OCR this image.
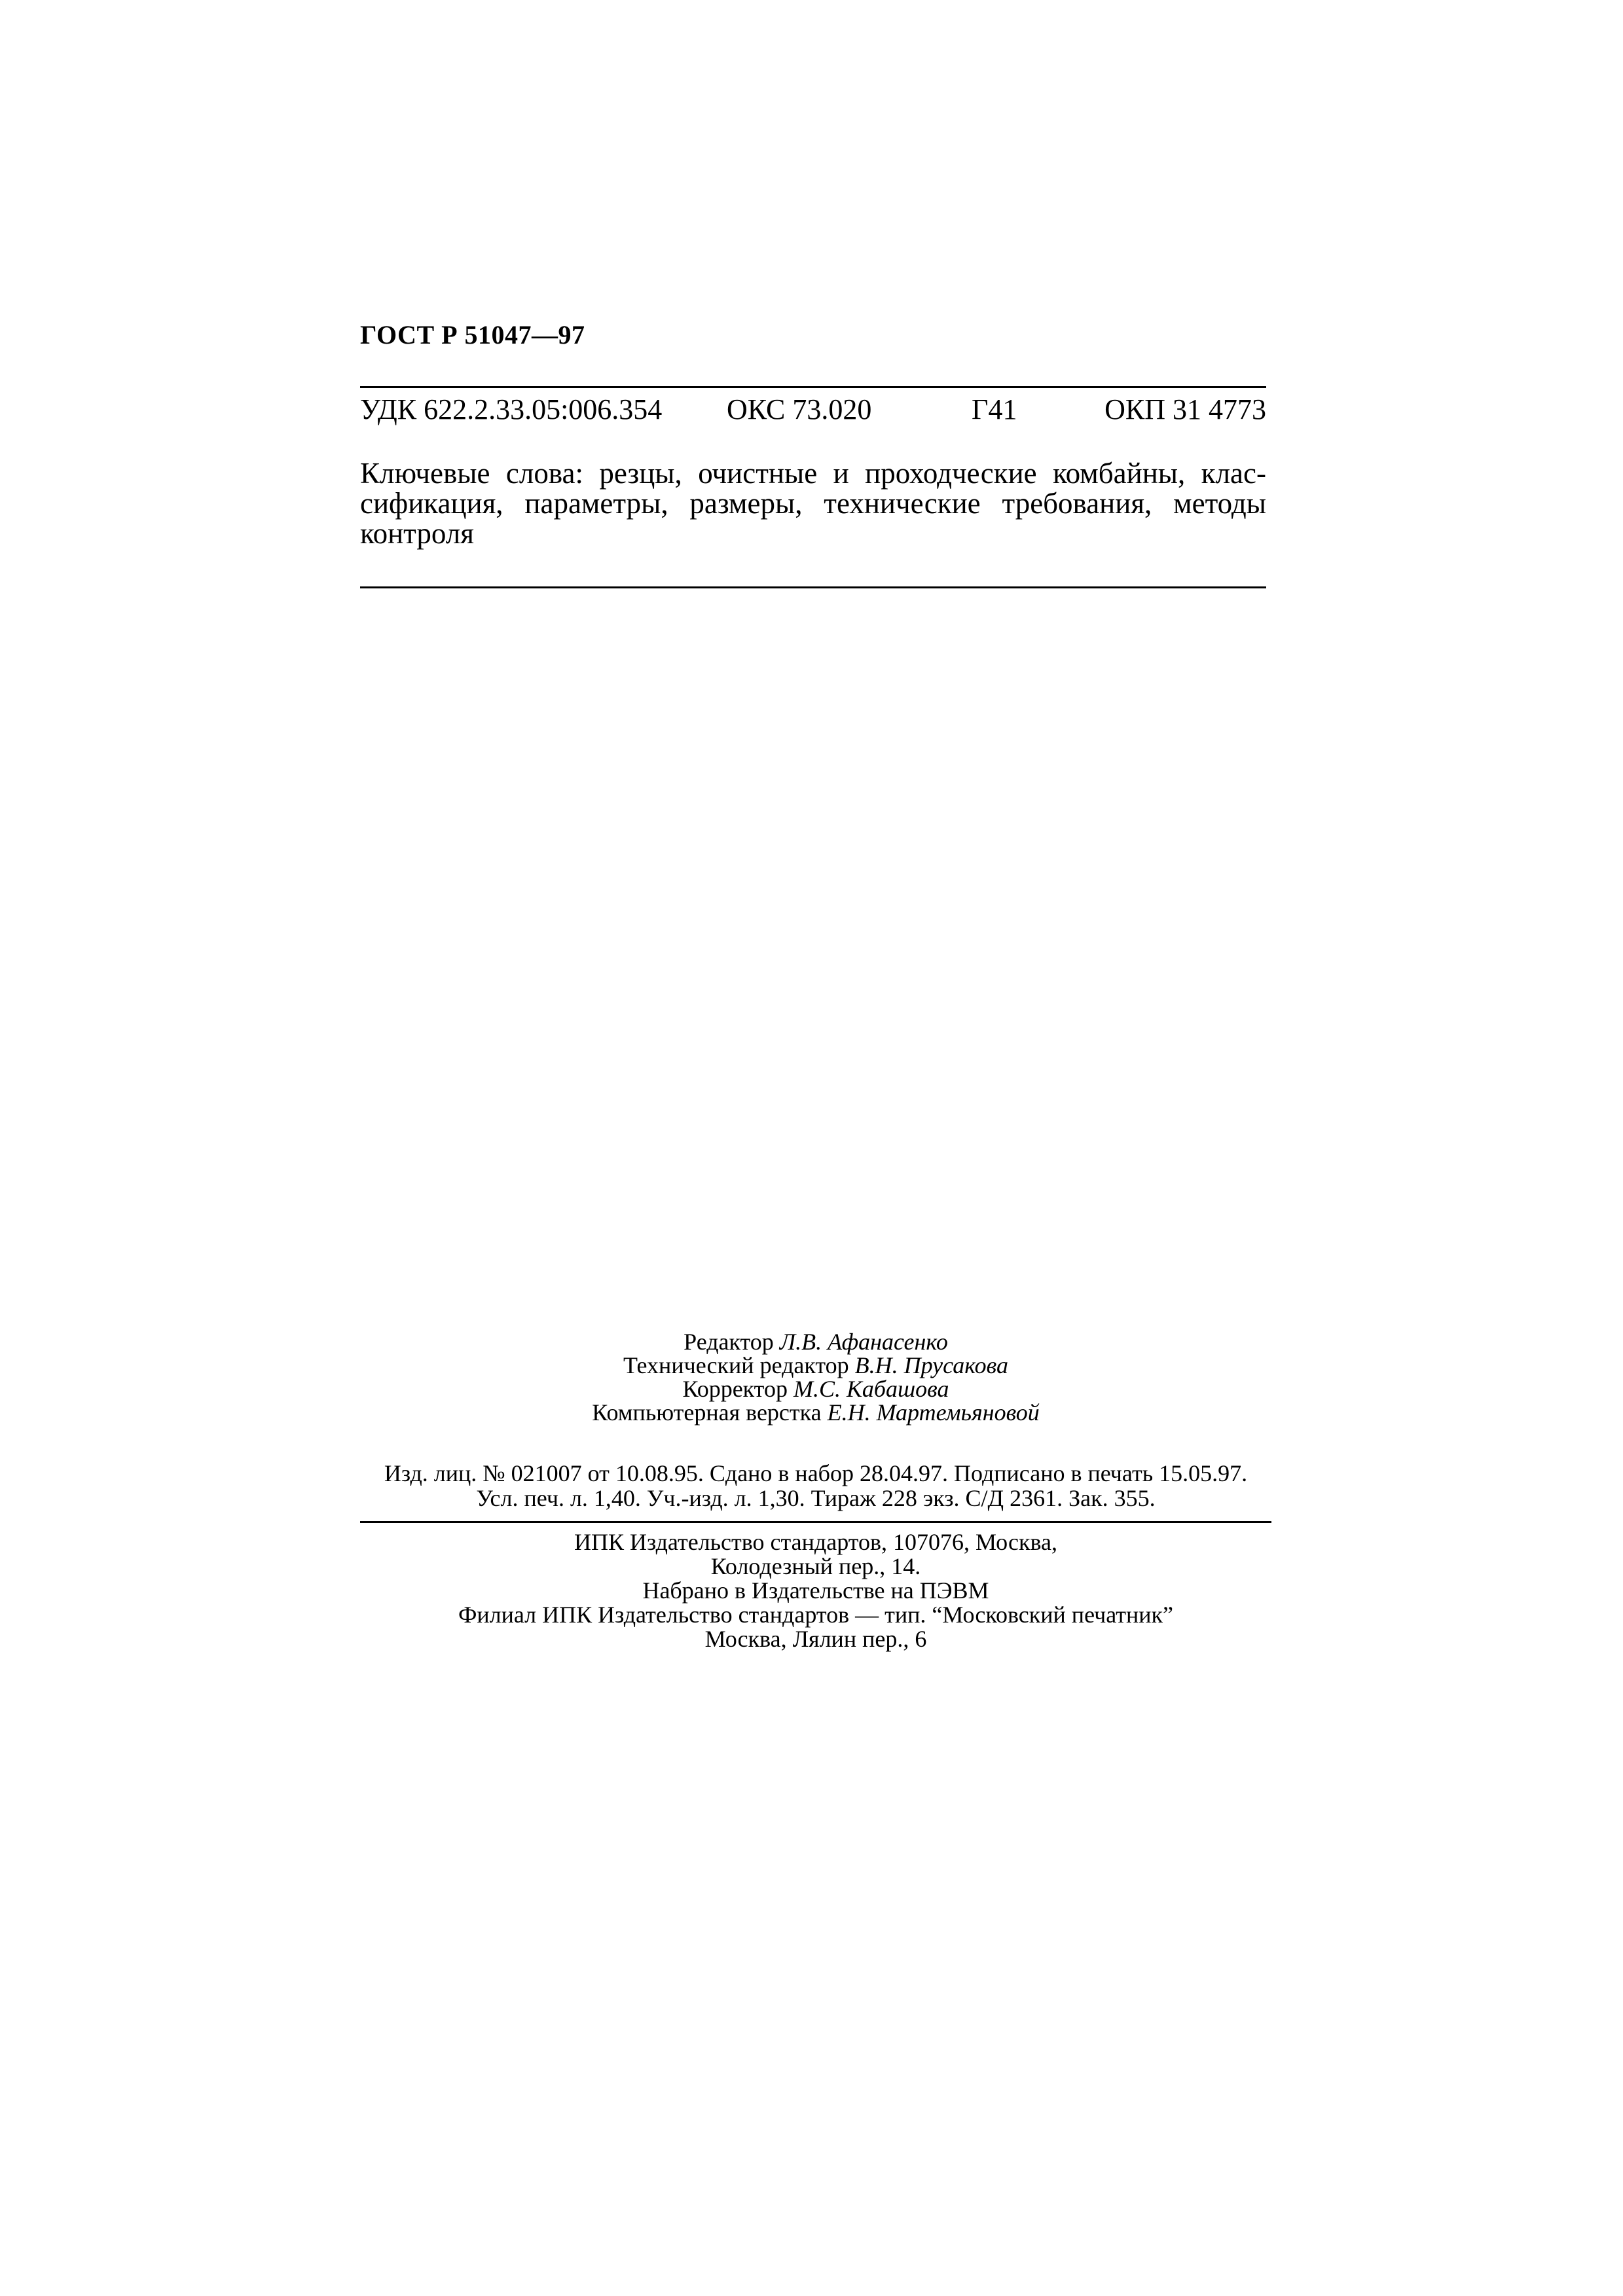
ГОСТ Р 51047—97
УДК 622.2.33.05:006.354 ОКС 73.020	Г41	ОКП 31 4773
Ключевые слова: резцы, очистные и проходческие комбайны, клас-
сификация, параметры, размеры, технические требования, методы
контроля
Редактор Л.В. Афанасенко
Технический редактор В.Н. Прусакова
Корректор М.С. Кабашова
Компьютерная верстка Е.Н. Мартемьяновой
Изд. лиц. № 021007 от 10.08.95. Сдано в набор 28.04.97. Подписано в печать 15.05.97.
Усл. печ. л. 1,40. Уч.-изд. л. 1,30. Тираж 228 экз. С/Д 2361. Зак. 355.
ИПК Издательство стандартов, 107076, Москва,
Колодезный пер., 14.
Набрано в Издательстве на ПЭВМ
Филиал ИПК Издательство стандартов — тип. “Московский печатник”
Москва, Лялин пер., 6
